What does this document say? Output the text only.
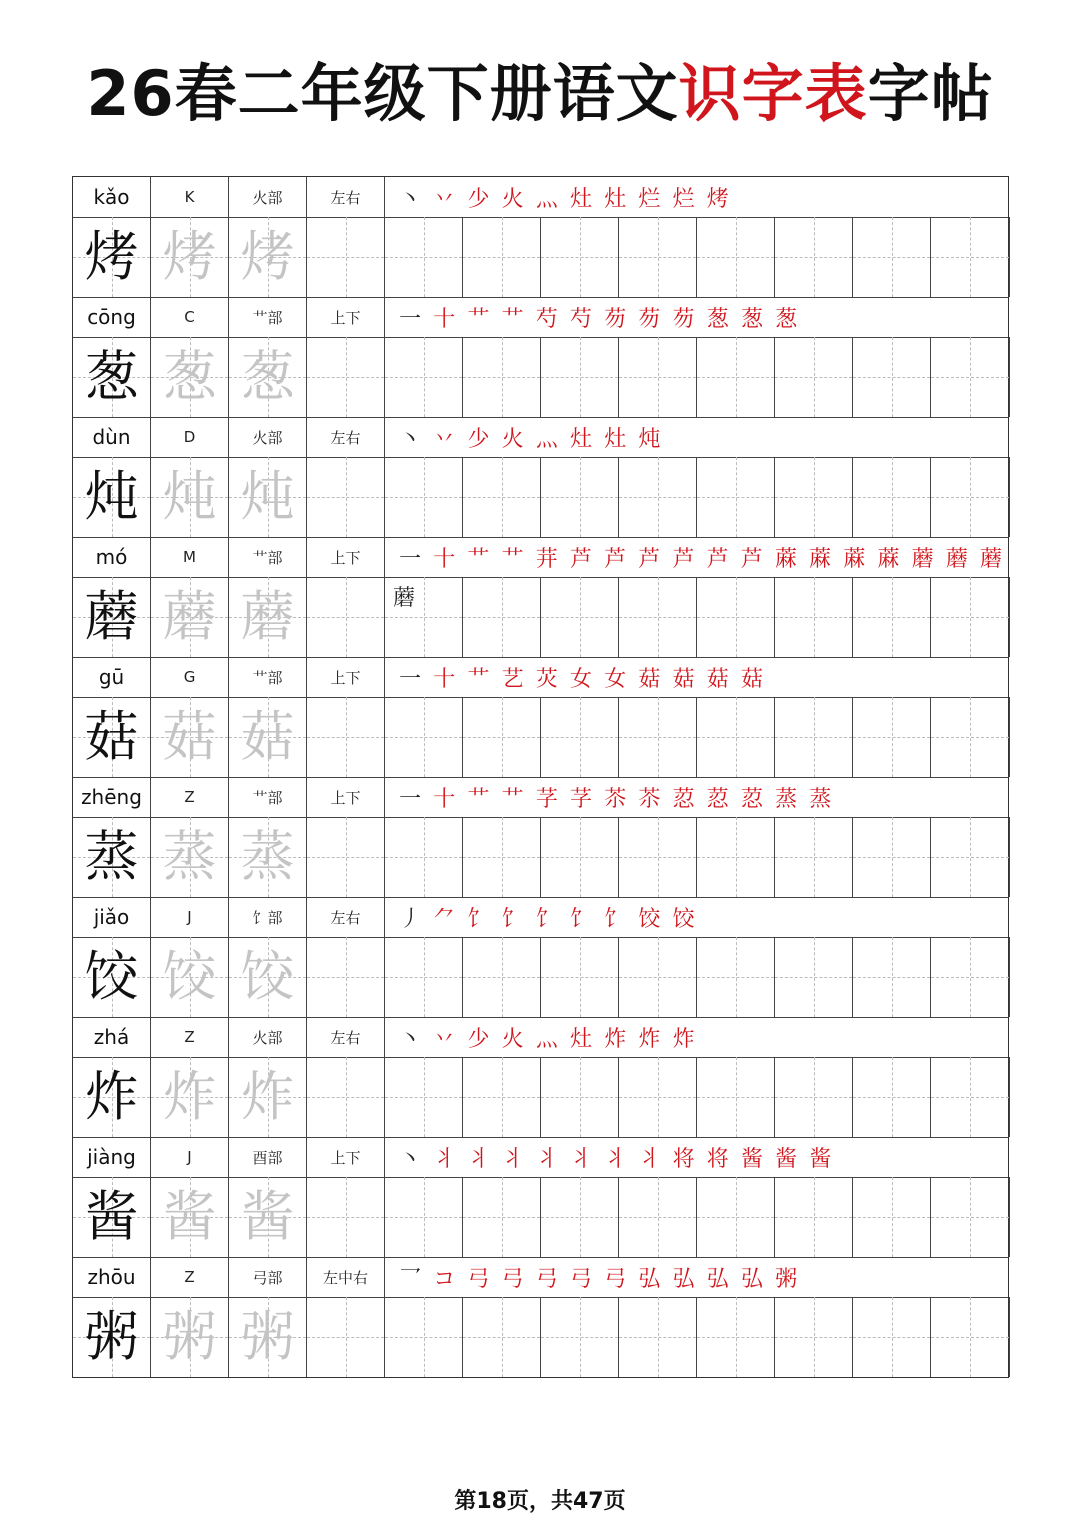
26春二年级下册语文识字表字帖
kǎo	K	火部	左右	丶 丷 少 火 灬 灶 灶 烂 烂 烤
烤 烤 烤
cōng	C	艹部	上下	一 十 艹 艹 芍 芍 芴 芴 芴 葱 葱 葱
葱 葱 葱
dùn	D	火部	左右	丶 丷 少 火 灬 灶 灶 炖
炖 炖 炖
mó	M	艹部	上下	一 十 艹 艹 茾 芦 芦 芦 芦 芦 芦 蔴 蔴 蔴 蔴 蘑 蘑 蘑
蘑 蘑 蘑	蘑
gū	G	艹部	上下	一 十 艹 艺 苂 女 女 菇 菇 菇 菇
菇 菇 菇
zhēng	Z	艹部	上下	一 十 艹 艹 芓 芓 苶 苶 荵 荵 荵 蒸 蒸
蒸 蒸 蒸
jiǎo	J	饣部	左右	丿 ⺈ 饣 饣 饣 饣 饣 饺 饺
饺 饺 饺
zhá	Z	火部	左右	丶 丷 少 火 灬 灶 炸 炸 炸
炸 炸 炸
jiàng	J	酉部	上下	丶 丬 丬 丬 丬 丬 丬 丬 将 将 酱 酱 酱
酱 酱 酱
zhōu	Z	弓部	左中右	乛 コ 弓 弓 弓 弓 弓 弘 弘 弘 弘 粥
粥 粥 粥
第18页，共47页
